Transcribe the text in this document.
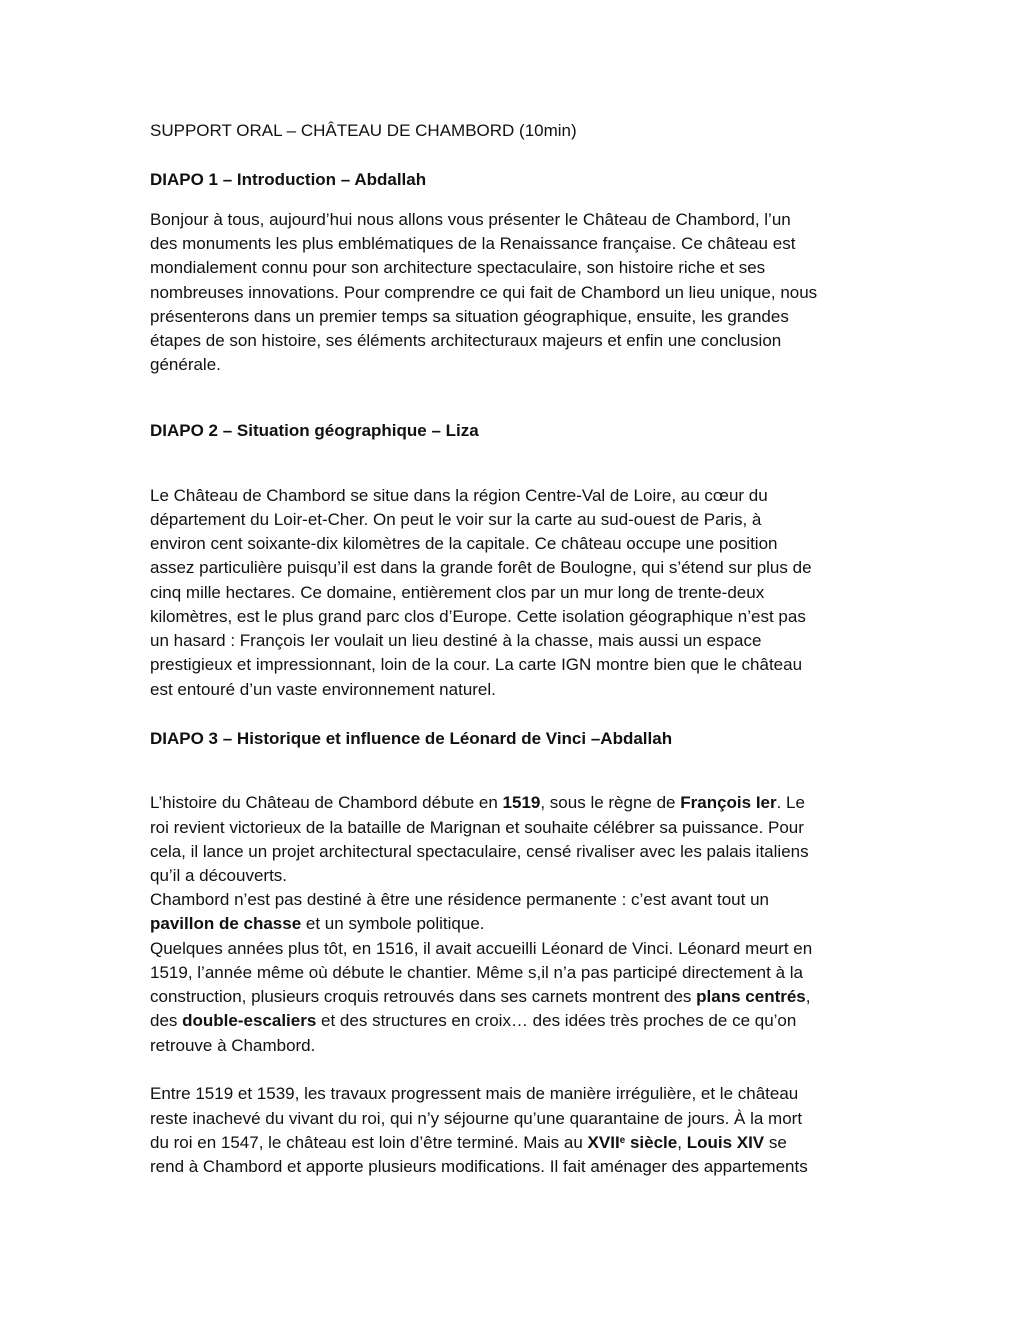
SUPPORT ORAL – CHÂTEAU DE CHAMBORD (10min)
DIAPO 1 – Introduction – Abdallah
Bonjour à tous, aujourd’hui nous allons vous présenter le Château de Chambord, l’un
des monuments les plus emblématiques de la Renaissance française. Ce château est
mondialement connu pour son architecture spectaculaire, son histoire riche et ses
nombreuses innovations. Pour comprendre ce qui fait de Chambord un lieu unique, nous
présenterons dans un premier temps sa situation géographique, ensuite, les grandes
étapes de son histoire, ses éléments architecturaux majeurs et enfin une conclusion
générale.
DIAPO 2 – Situation géographique – Liza
Le Château de Chambord se situe dans la région Centre-Val de Loire, au cœur du
département du Loir-et-Cher. On peut le voir sur la carte au sud-ouest de Paris, à
environ cent soixante-dix kilomètres de la capitale. Ce château occupe une position
assez particulière puisqu’il est dans la grande forêt de Boulogne, qui s’étend sur plus de
cinq mille hectares. Ce domaine, entièrement clos par un mur long de trente-deux
kilomètres, est le plus grand parc clos d’Europe. Cette isolation géographique n’est pas
un hasard : François Ier voulait un lieu destiné à la chasse, mais aussi un espace
prestigieux et impressionnant, loin de la cour. La carte IGN montre bien que le château
est entouré d’un vaste environnement naturel.
DIAPO 3 – Historique et influence de Léonard de Vinci –Abdallah
L’histoire du Château de Chambord débute en 1519, sous le règne de François Ier. Le
roi revient victorieux de la bataille de Marignan et souhaite célébrer sa puissance. Pour
cela, il lance un projet architectural spectaculaire, censé rivaliser avec les palais italiens
qu’il a découverts.
Chambord n’est pas destiné à être une résidence permanente : c’est avant tout un
pavillon de chasse et un symbole politique.
Quelques années plus tôt, en 1516, il avait accueilli Léonard de Vinci. Léonard meurt en
1519, l’année même où débute le chantier. Même s,il n’a pas participé directement à la
construction, plusieurs croquis retrouvés dans ses carnets montrent des plans centrés,
des double-escaliers et des structures en croix… des idées très proches de ce qu’on
retrouve à Chambord.
Entre 1519 et 1539, les travaux progressent mais de manière irrégulière, et le château
reste inachevé du vivant du roi, qui n’y séjourne qu’une quarantaine de jours. À la mort
du roi en 1547, le château est loin d’être terminé. Mais au XVIIe siècle, Louis XIV se
rend à Chambord et apporte plusieurs modifications. Il fait aménager des appartements
